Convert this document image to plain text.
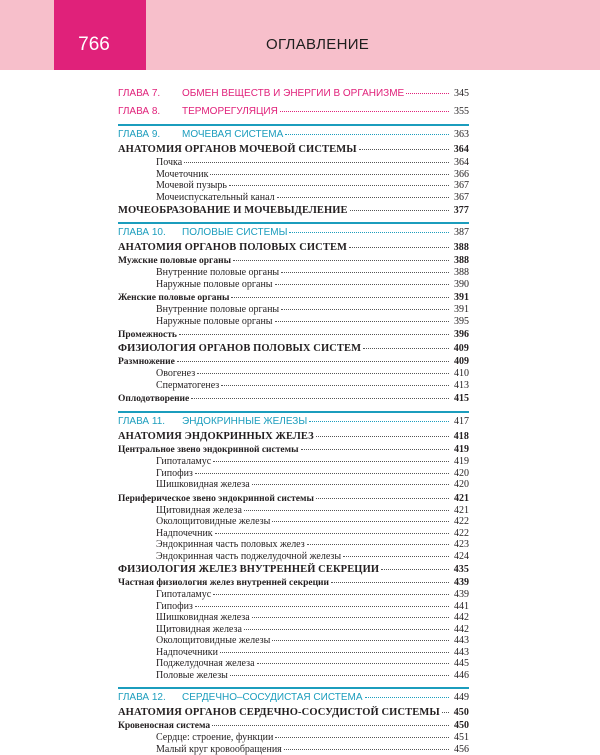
766	ОГЛАВЛЕНИЕ
ГЛАВА 7.	ОБМЕН ВЕЩЕСТВ И ЭНЕРГИИ В ОРГАНИЗМЕ	345
ГЛАВА 8.	ТЕРМОРЕГУЛЯЦИЯ	355
ГЛАВА 9.	МОЧЕВАЯ СИСТЕМА	363
АНАТОМИЯ ОРГАНОВ МОЧЕВОЙ СИСТЕМЫ	364
Почка	364
Мочеточник	366
Мочевой пузырь	367
Мочеиспускательный канал	367
МОЧЕОБРАЗОВАНИЕ И МОЧЕВЫДЕЛЕНИЕ	377
ГЛАВА 10.	ПОЛОВЫЕ СИСТЕМЫ	387
АНАТОМИЯ ОРГАНОВ ПОЛОВЫХ СИСТЕМ	388
Мужские половые органы	388
Внутренние половые органы	388
Наружные половые органы	390
Женские половые органы	391
Внутренние половые органы	391
Наружные половые органы	395
Промежность	396
ФИЗИОЛОГИЯ ОРГАНОВ ПОЛОВЫХ СИСТЕМ	409
Размножение	409
Овогенез	410
Сперматогенез	413
Оплодотворение	415
ГЛАВА 11.	ЭНДОКРИННЫЕ ЖЕЛЕЗЫ	417
АНАТОМИЯ ЭНДОКРИННЫХ ЖЕЛЕЗ	418
Центральное звено эндокринной системы	419
Гипоталамус	419
Гипофиз	420
Шишковидная железа	420
Периферическое звено эндокринной системы	421
Щитовидная железа	421
Околощитовидные железы	422
Надпочечник	422
Эндокринная часть половых желез	423
Эндокринная часть поджелудочной железы	424
ФИЗИОЛОГИЯ ЖЕЛЕЗ ВНУТРЕННЕЙ СЕКРЕЦИИ	435
Частная физиология желез внутренней секреции	439
Гипоталамус	439
Гипофиз	441
Шишковидная железа	442
Щитовидная железа	442
Околощитовидные железы	443
Надпочечники	443
Поджелудочная железа	445
Половые железы	446
ГЛАВА 12.	СЕРДЕЧНО–СОСУДИСТАЯ СИСТЕМА	449
АНАТОМИЯ ОРГАНОВ СЕРДЕЧНО-СОСУДИСТОЙ СИСТЕМЫ 450
Кровеносная система	450
Сердце: строение, функции	451
Малый круг кровообращения	456
